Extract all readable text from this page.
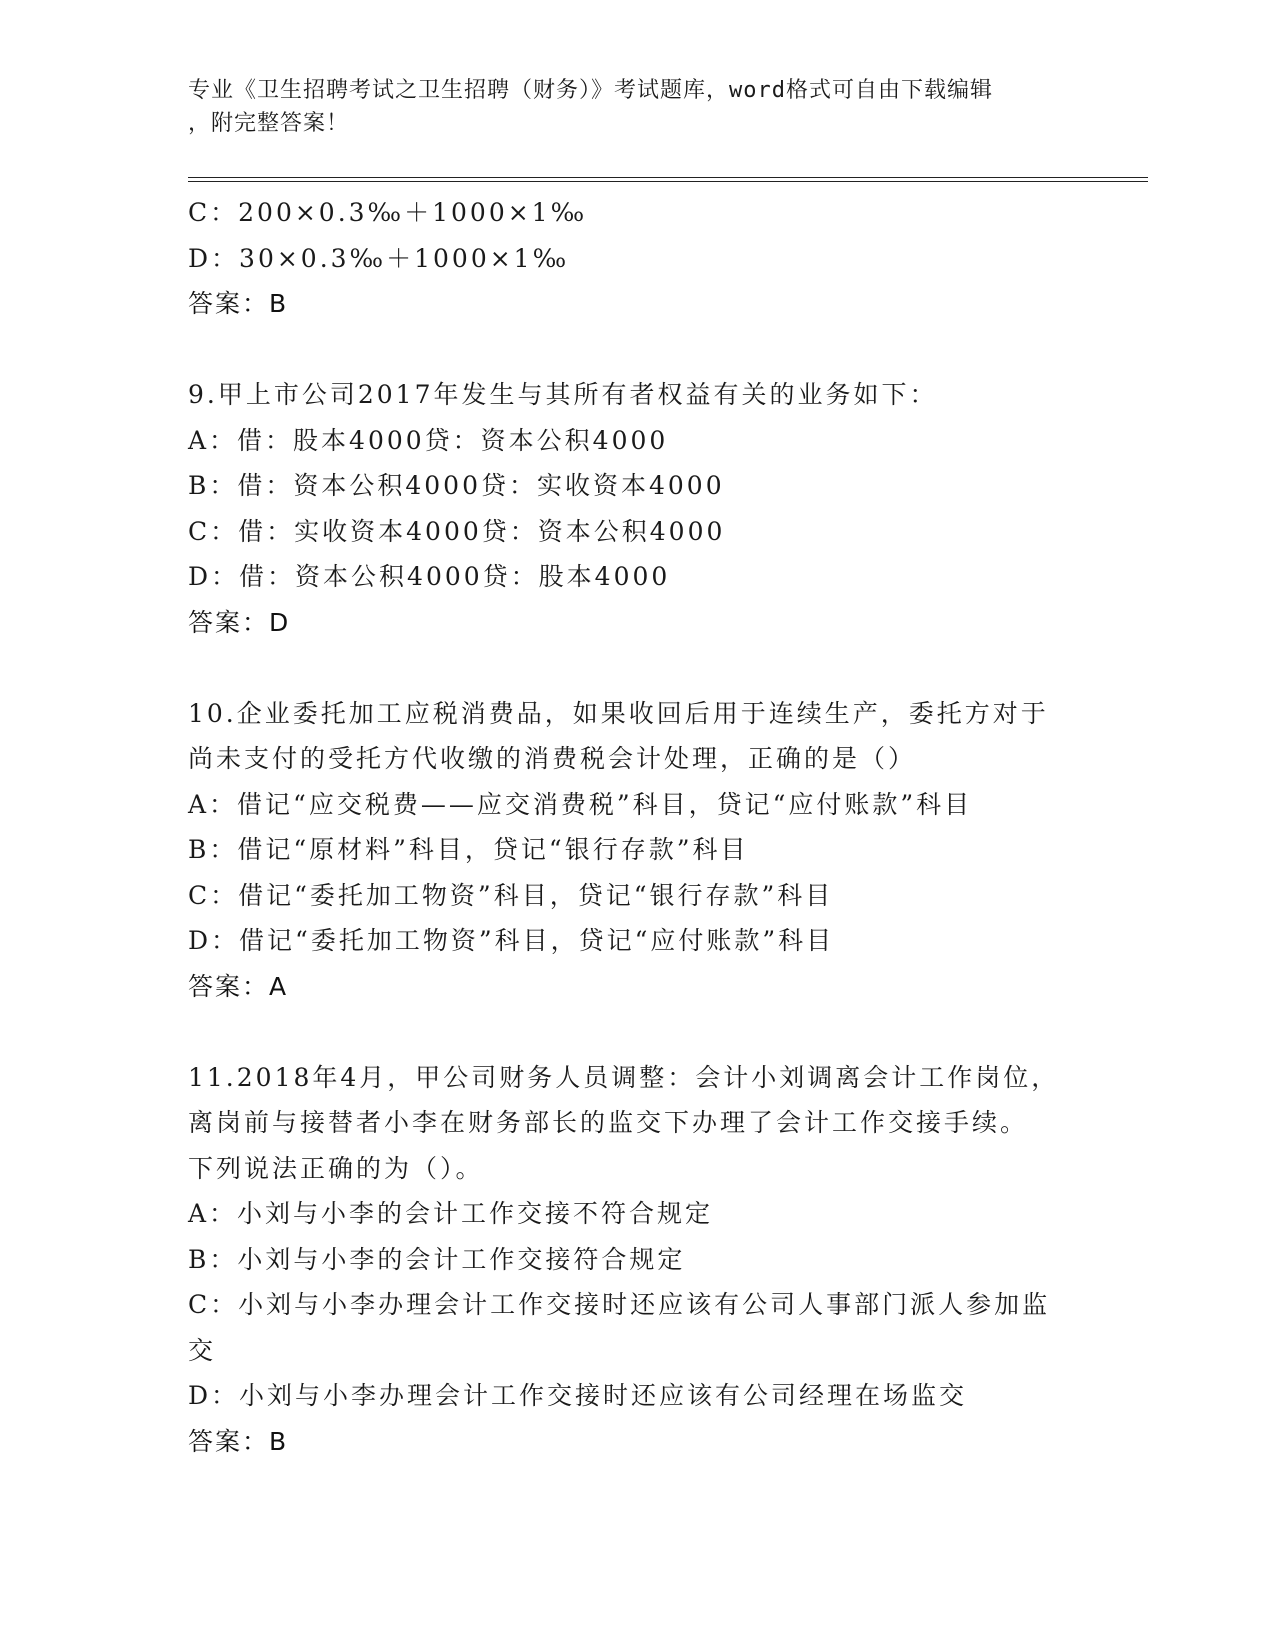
专业《卫生招聘考试之卫生招聘（财务）》考试题库，word格式可自由下载编辑
，附完整答案！
C：200×0.3‰＋1000×1‰
D：30×0.3‰＋1000×1‰
答案：B
9.甲上市公司2017年发生与其所有者权益有关的业务如下：
A：借：股本4000贷：资本公积4000
B：借：资本公积4000贷：实收资本4000
C：借：实收资本4000贷：资本公积4000
D：借：资本公积4000贷：股本4000
答案：D
10.企业委托加工应税消费品，如果收回后用于连续生产，委托方对于
尚未支付的受托方代收缴的消费税会计处理，正确的是（）
A：借记“应交税费——应交消费税”科目，贷记“应付账款”科目
B：借记“原材料”科目，贷记“银行存款”科目
C：借记“委托加工物资”科目，贷记“银行存款”科目
D：借记“委托加工物资”科目，贷记“应付账款”科目
答案：A
11.2018年4月，甲公司财务人员调整：会计小刘调离会计工作岗位，
离岗前与接替者小李在财务部长的监交下办理了会计工作交接手续。
下列说法正确的为（）。
A：小刘与小李的会计工作交接不符合规定
B：小刘与小李的会计工作交接符合规定
C：小刘与小李办理会计工作交接时还应该有公司人事部门派人参加监
交
D：小刘与小李办理会计工作交接时还应该有公司经理在场监交
答案：B
